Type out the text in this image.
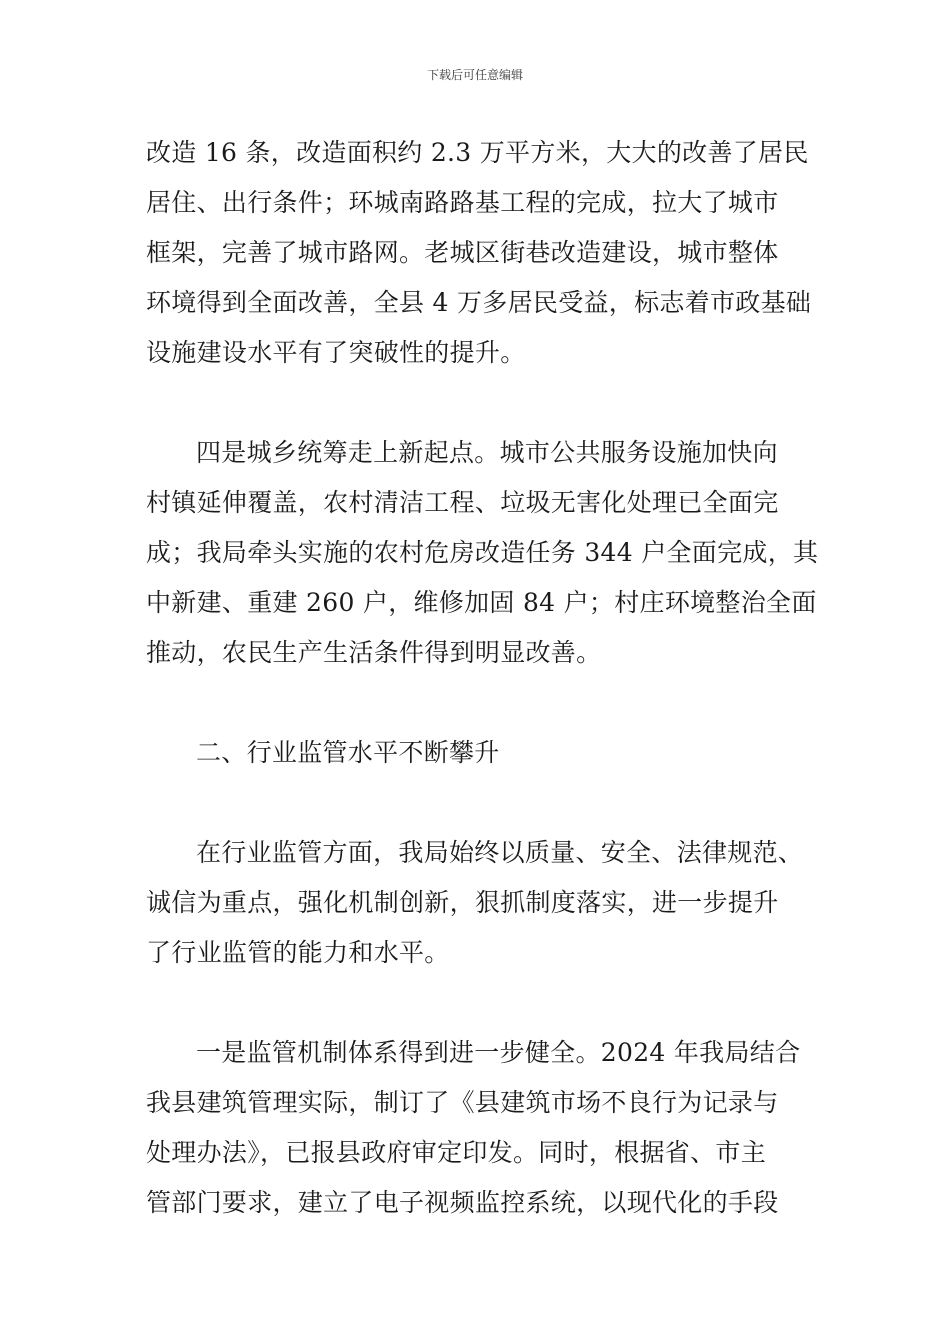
下载后可任意编辑
改造 16 条，改造面积约 2.3 万平方米，大大的改善了居民
居住、出行条件；环城南路路基工程的完成，拉大了城市
框架，完善了城市路网。老城区街巷改造建设，城市整体
环境得到全面改善，全县 4 万多居民受益，标志着市政基础
设施建设水平有了突破性的提升。
四是城乡统筹走上新起点。城市公共服务设施加快向
村镇延伸覆盖，农村清洁工程、垃圾无害化处理已全面完
成；我局牵头实施的农村危房改造任务 344 户全面完成，其
中新建、重建 260 户，维修加固 84 户；村庄环境整治全面
推动，农民生产生活条件得到明显改善。
二、行业监管水平不断攀升
在行业监管方面，我局始终以质量、安全、法律规范、
诚信为重点，强化机制创新，狠抓制度落实，进一步提升
了行业监管的能力和水平。
一是监管机制体系得到进一步健全。2024 年我局结合
我县建筑管理实际，制订了《县建筑市场不良行为记录与
处理办法》，已报县政府审定印发。同时，根据省、市主
管部门要求，建立了电子视频监控系统，以现代化的手段
